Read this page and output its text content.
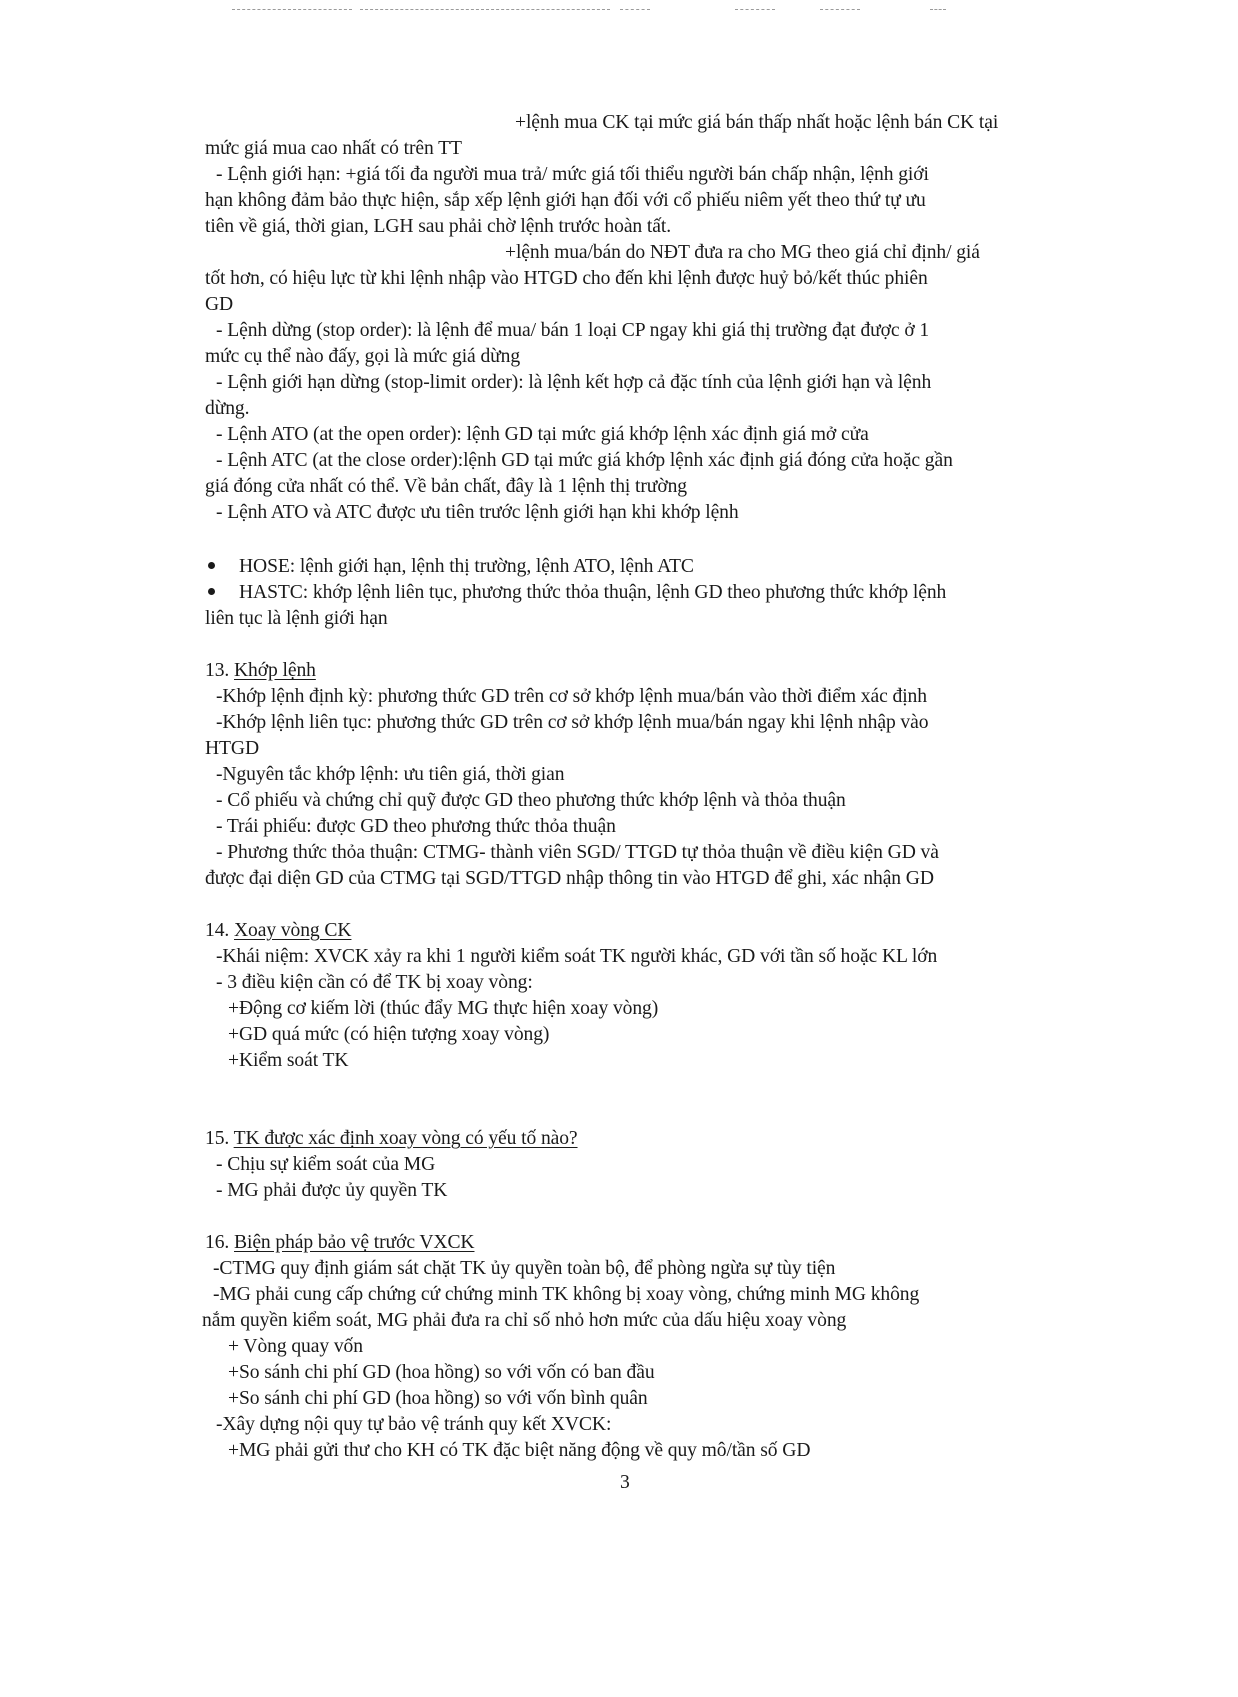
+lệnh mua CK tại mức giá bán thấp nhất hoặc lệnh bán CK tại
mức giá mua cao nhất có trên TT
- Lệnh giới hạn: +giá tối đa người mua trả/ mức giá tối thiểu người bán chấp nhận, lệnh giới
hạn không đảm bảo thực hiện, sắp xếp lệnh giới hạn đối với cổ phiếu niêm yết theo thứ tự ưu
tiên về giá, thời gian, LGH sau phải chờ lệnh trước hoàn tất.
+lệnh mua/bán do NĐT đưa ra cho MG theo giá chỉ định/ giá
tốt hơn, có hiệu lực từ khi lệnh nhập vào HTGD cho đến khi lệnh được huỷ bỏ/kết thúc phiên
GD
- Lệnh dừng (stop order): là lệnh để mua/ bán 1 loại CP ngay khi giá thị trường đạt được ở 1
mức cụ thể nào đấy, gọi là mức giá dừng
- Lệnh giới hạn dừng (stop-limit order): là lệnh kết hợp cả đặc tính của lệnh giới hạn và lệnh
dừng.
- Lệnh ATO (at the open order): lệnh GD tại mức giá khớp lệnh xác định giá mở cửa
- Lệnh ATC (at the close order):lệnh GD tại mức giá khớp lệnh xác định giá đóng cửa hoặc gần
giá đóng cửa nhất có thể. Về bản chất, đây là 1 lệnh thị trường
- Lệnh ATO và ATC được ưu tiên trước lệnh giới hạn khi khớp lệnh
HOSE: lệnh giới hạn, lệnh thị trường, lệnh ATO, lệnh ATC
HASTC: khớp lệnh liên tục, phương thức thỏa thuận, lệnh GD theo phương thức khớp lệnh
liên tục là lệnh giới hạn
13. Khớp lệnh
-Khớp lệnh định kỳ: phương thức GD trên cơ sở khớp lệnh mua/bán vào thời điểm xác định
-Khớp lệnh liên tục: phương thức GD trên cơ sở khớp lệnh mua/bán ngay khi lệnh nhập vào
HTGD
-Nguyên tắc khớp lệnh: ưu tiên giá, thời gian
- Cổ phiếu và chứng chỉ quỹ được GD theo phương thức khớp lệnh và thỏa thuận
- Trái phiếu: được GD theo phương thức thỏa thuận
- Phương thức thỏa thuận: CTMG- thành viên SGD/ TTGD tự thỏa thuận về điều kiện GD và
được đại diện GD của CTMG tại SGD/TTGD nhập thông tin vào HTGD để ghi, xác nhận GD
14. Xoay vòng CK
-Khái niệm: XVCK xảy ra khi 1 người kiểm soát TK người khác, GD với tần số hoặc KL lớn
- 3 điều kiện cần có để TK bị xoay vòng:
+Động cơ kiếm lời (thúc đẩy MG thực hiện xoay vòng)
+GD quá mức (có hiện tượng xoay vòng)
+Kiểm soát TK
15. TK được xác định xoay vòng có yếu tố nào?
- Chịu sự kiểm soát của MG
- MG phải được ủy quyền TK
16. Biện pháp bảo vệ trước VXCK
-CTMG quy định giám sát chặt TK ủy quyền toàn bộ, để phòng ngừa sự tùy tiện
-MG phải cung cấp chứng cứ chứng minh TK không bị xoay vòng, chứng minh MG không
nắm quyền kiểm soát, MG phải đưa ra chỉ số nhỏ hơn mức của dấu hiệu xoay vòng
+ Vòng quay vốn
+So sánh chi phí GD (hoa hồng) so với vốn có ban đầu
+So sánh chi phí GD (hoa hồng) so với vốn bình quân
-Xây dựng nội quy tự bảo vệ tránh quy kết XVCK:
+MG phải gửi thư cho KH có TK đặc biệt năng động về quy mô/tần số GD
3
